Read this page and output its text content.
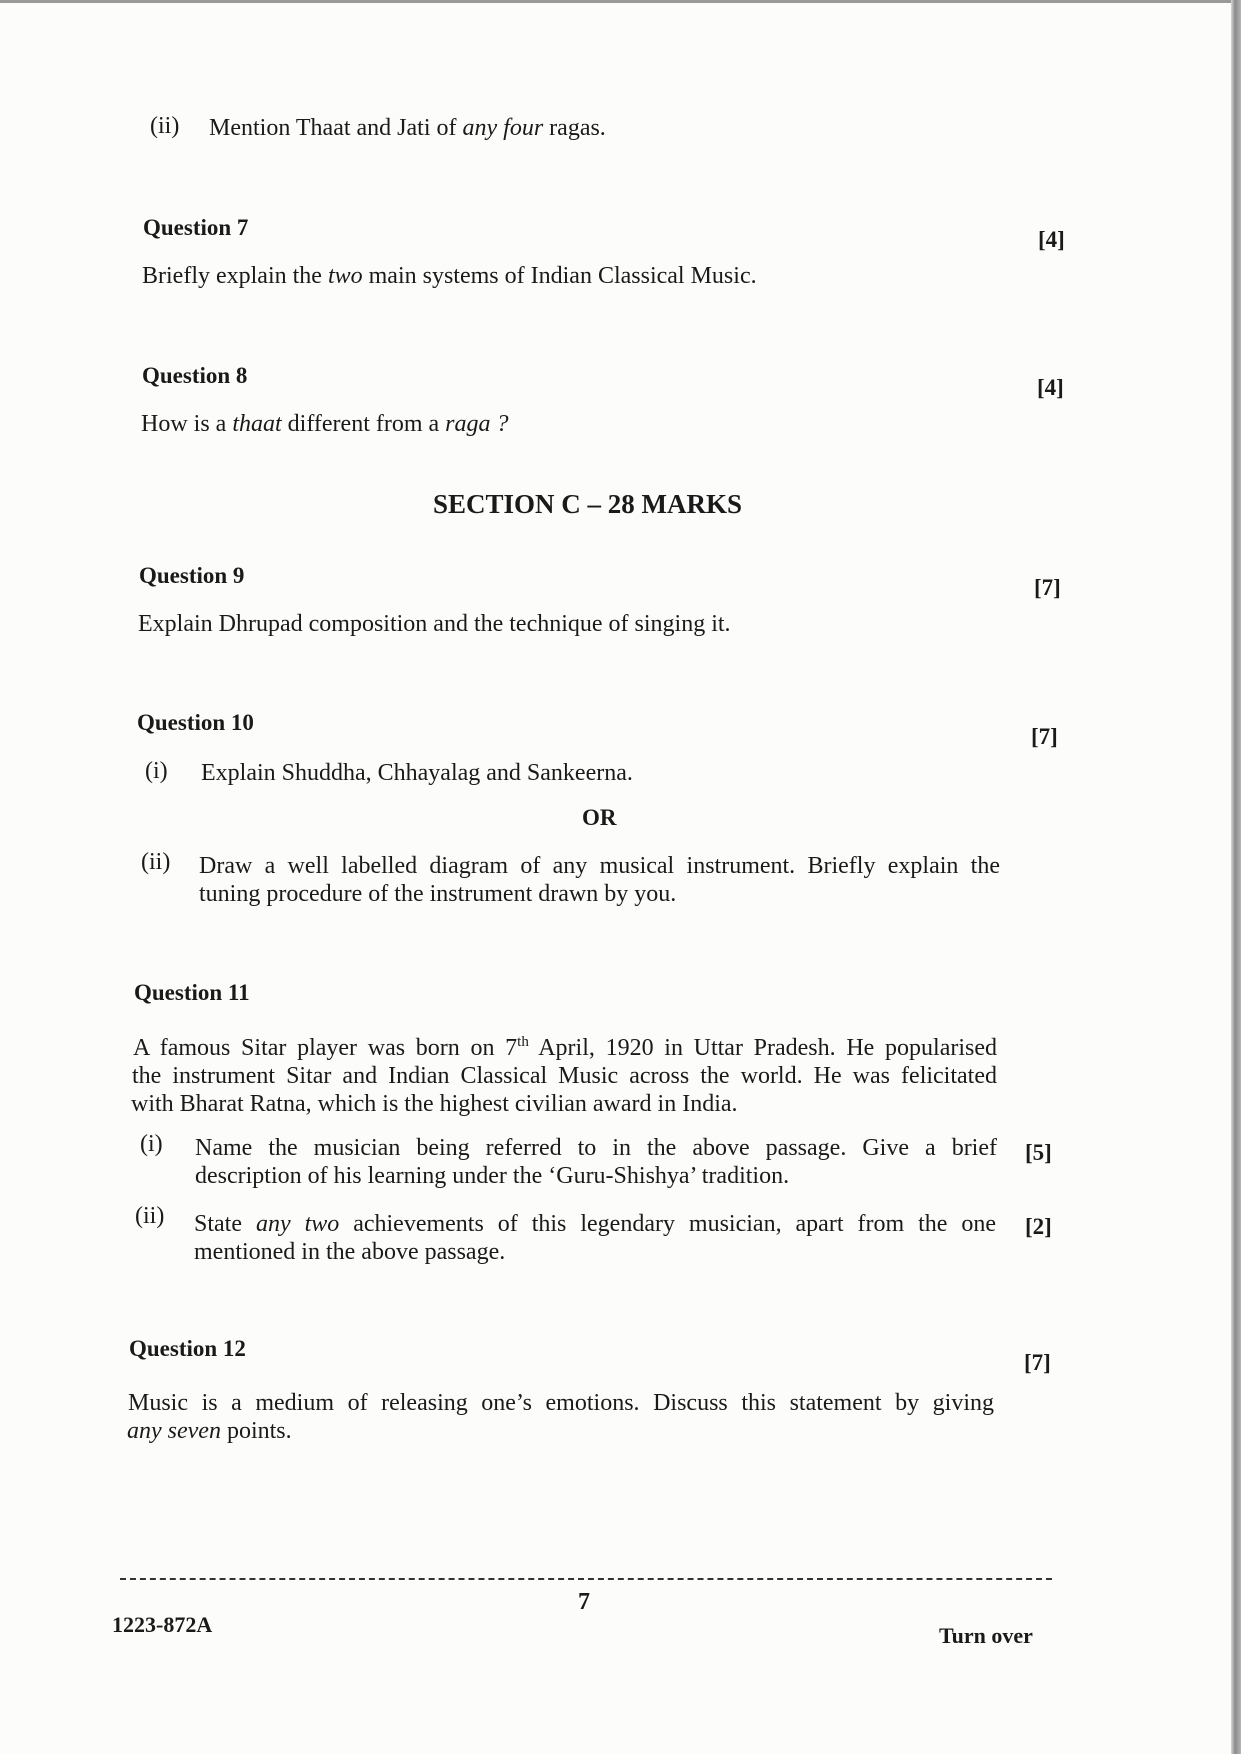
(ii) Mention Thaat and Jati of any four ragas.
Question 7	[4]
Briefly explain the two main systems of Indian Classical Music.
Question 8	[4]
How is a thaat different from a raga ?
SECTION C – 28 MARKS
Question 9	[7]
Explain Dhrupad composition and the technique of singing it.
Question 10
[7]
(i) Explain Shuddha, Chhayalag and Sankeerna.
OR
(ii) Draw a well labelled diagram of any musical instrument. Briefly explain the
tuning procedure of the instrument drawn by you.
Question 11
A famous Sitar player was born on 7th April, 1920 in Uttar Pradesh. He popularised
the instrument Sitar and Indian Classical Music across the world. He was felicitated
with Bharat Ratna, which is the highest civilian award in India.
(i) Name the musician being referred to in the above passage. Give a brief
description of his learning under the ‘Guru-Shishya’ tradition.
[5]
(ii) State any two achievements of this legendary musician, apart from the one
mentioned in the above passage.
[2]
Question 12
[7]
Music is a medium of releasing one’s emotions. Discuss this statement by giving
any seven points.
7
1223-872A	Turn over
